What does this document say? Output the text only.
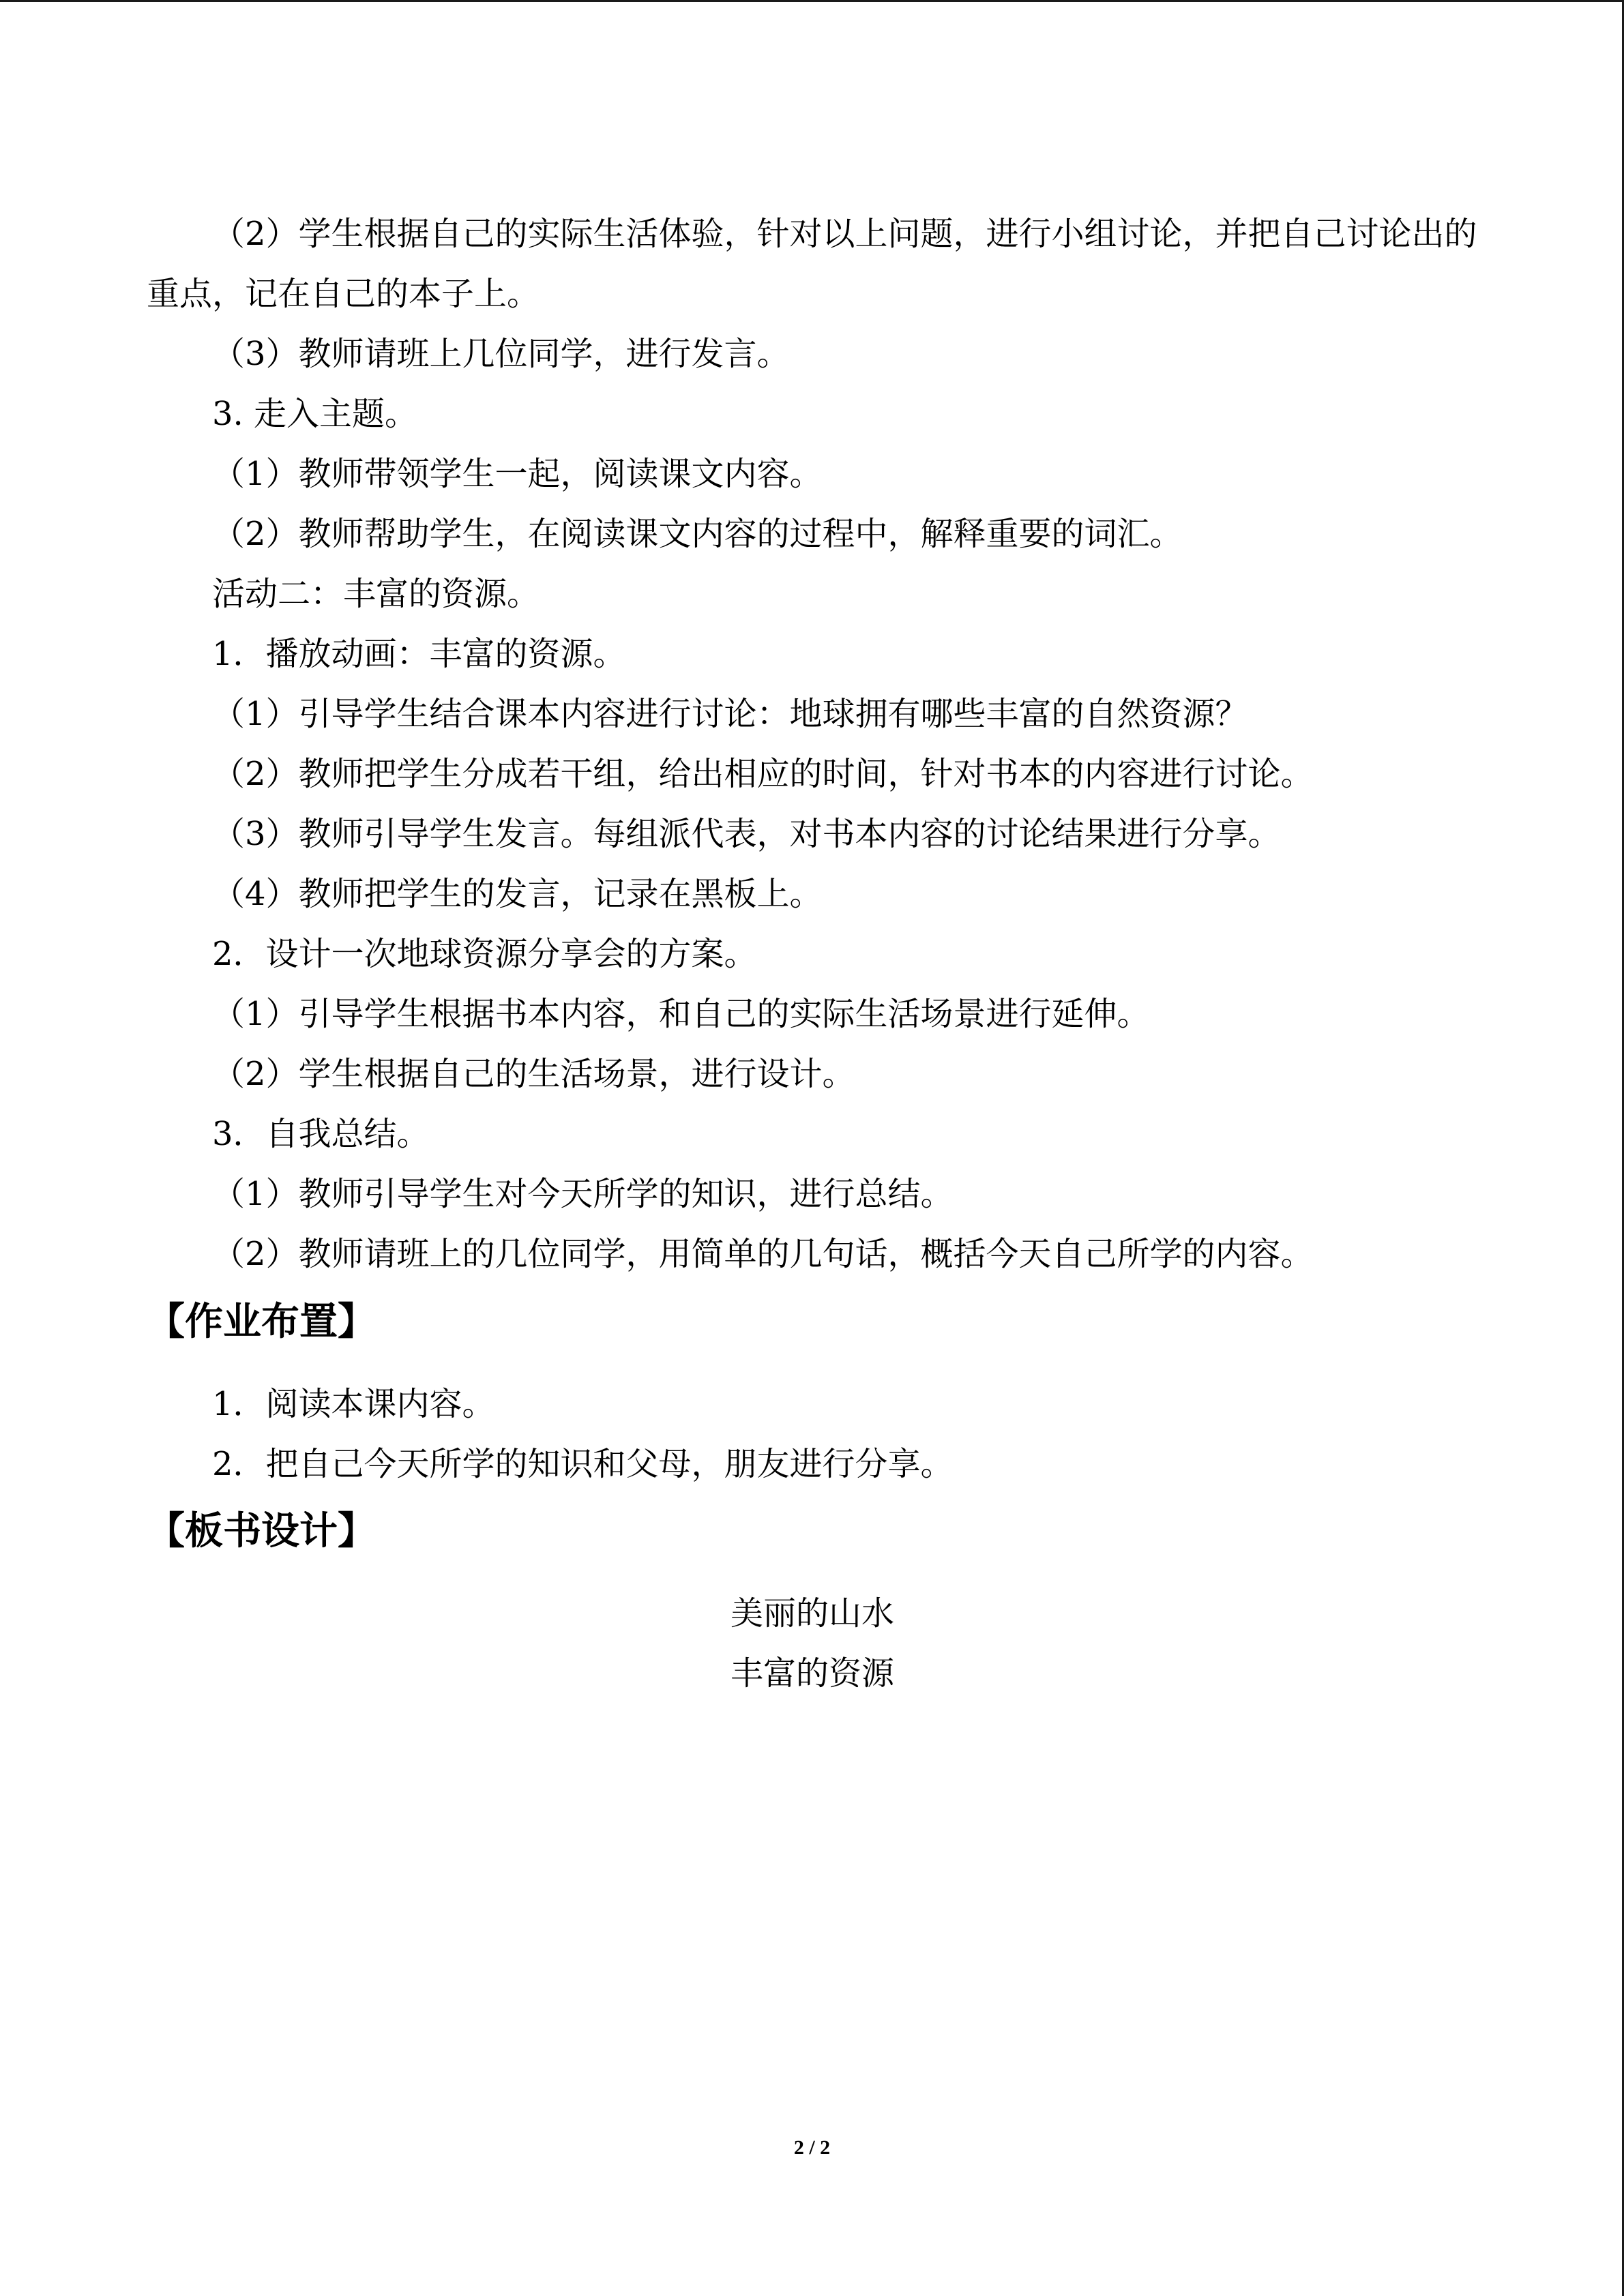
（2）学生根据自己的实际生活体验，针对以上问题，进行小组讨论，并把自己讨论出的重点，记在自己的本子上。

（3）教师请班上几位同学，进行发言。

3. 走入主题。

（1）教师带领学生一起，阅读课文内容。

（2）教师帮助学生，在阅读课文内容的过程中，解释重要的词汇。

活动二：丰富的资源。

1．播放动画：丰富的资源。

（1）引导学生结合课本内容进行讨论：地球拥有哪些丰富的自然资源？

（2）教师把学生分成若干组，给出相应的时间，针对书本的内容进行讨论。

（3）教师引导学生发言。每组派代表，对书本内容的讨论结果进行分享。

（4）教师把学生的发言，记录在黑板上。

2．设计一次地球资源分享会的方案。

（1）引导学生根据书本内容，和自己的实际生活场景进行延伸。

（2）学生根据自己的生活场景，进行设计。

3．自我总结。

（1）教师引导学生对今天所学的知识，进行总结。

（2）教师请班上的几位同学，用简单的几句话，概括今天自己所学的内容。

【作业布置】

1．阅读本课内容。

2．把自己今天所学的知识和父母，朋友进行分享。

【板书设计】

美丽的山水

丰富的资源

2 / 2
